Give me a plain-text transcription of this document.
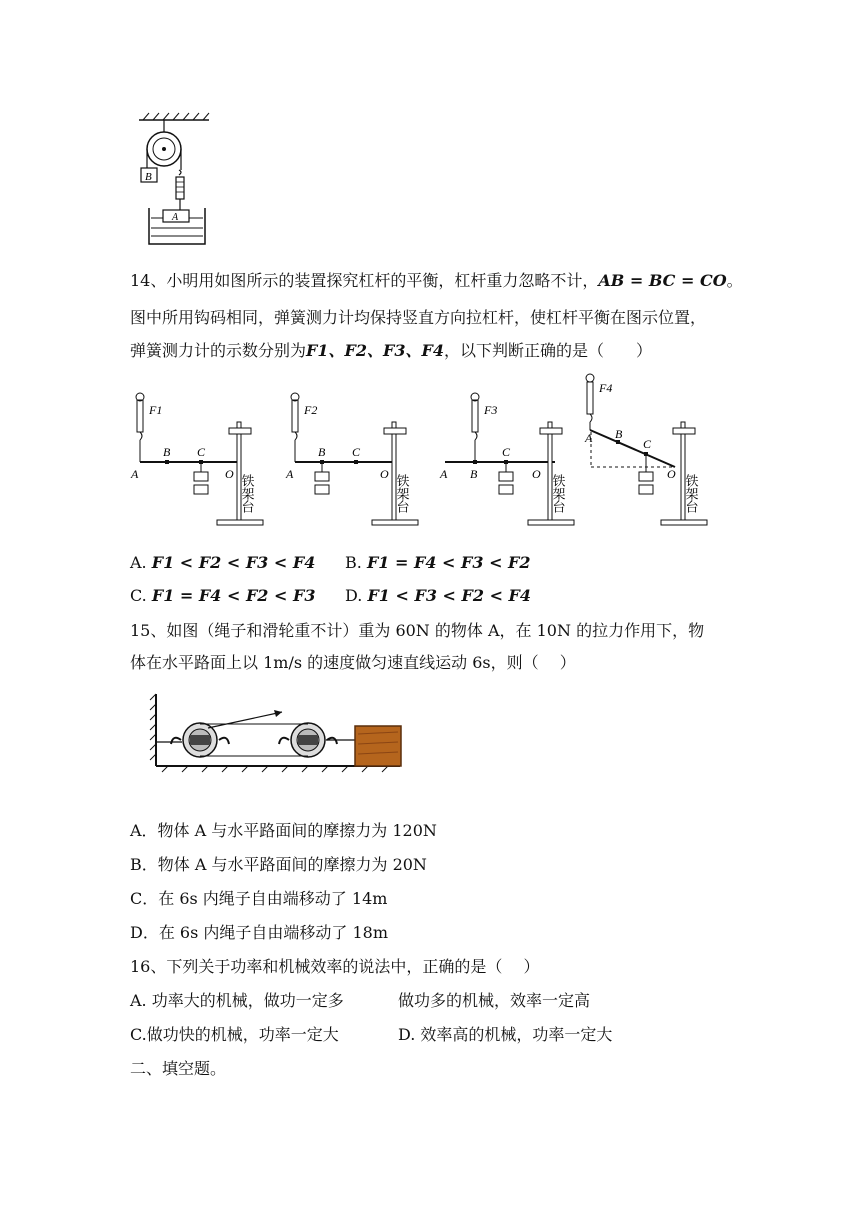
B
A
14、小明用如图所示的装置探究杠杆的平衡，杠杆重力忽略不计，AB = BC = CO。
图中所用钩码相同，弹簧测力计均保持竖直方向拉杠杆，使杠杆平衡在图示位置，
弹簧测力计的示数分别为F1、F2、F3、F4，以下判断正确的是（　　）
F1
A
B C
O 铁架台
F2
A
B C
O 铁架台
F3
A B
C
O 铁架台
F4
A B
C
O 铁架台
A. F1 < F2 < F3 < F4 B. F1 = F4 < F3 < F2
C. F1 = F4 < F2 < F3 D. F1 < F3 < F2 < F4
15、如图（绳子和滑轮重不计）重为 60N 的物体 A，在 10N 的拉力作用下，物
体在水平路面上以 1m/s 的速度做匀速直线运动 6s，则（　 ）
A．物体 A 与水平路面间的摩擦力为 120N
B．物体 A 与水平路面间的摩擦力为 20N
C．在 6s 内绳子自由端移动了 14m
D．在 6s 内绳子自由端移动了 18m
16、下列关于功率和机械效率的说法中，正确的是（　 ）
A. 功率大的机械，做功一定多	做功多的机械，效率一定高
C.做功快的机械，功率一定大	D. 效率高的机械，功率一定大
二、填空题。
